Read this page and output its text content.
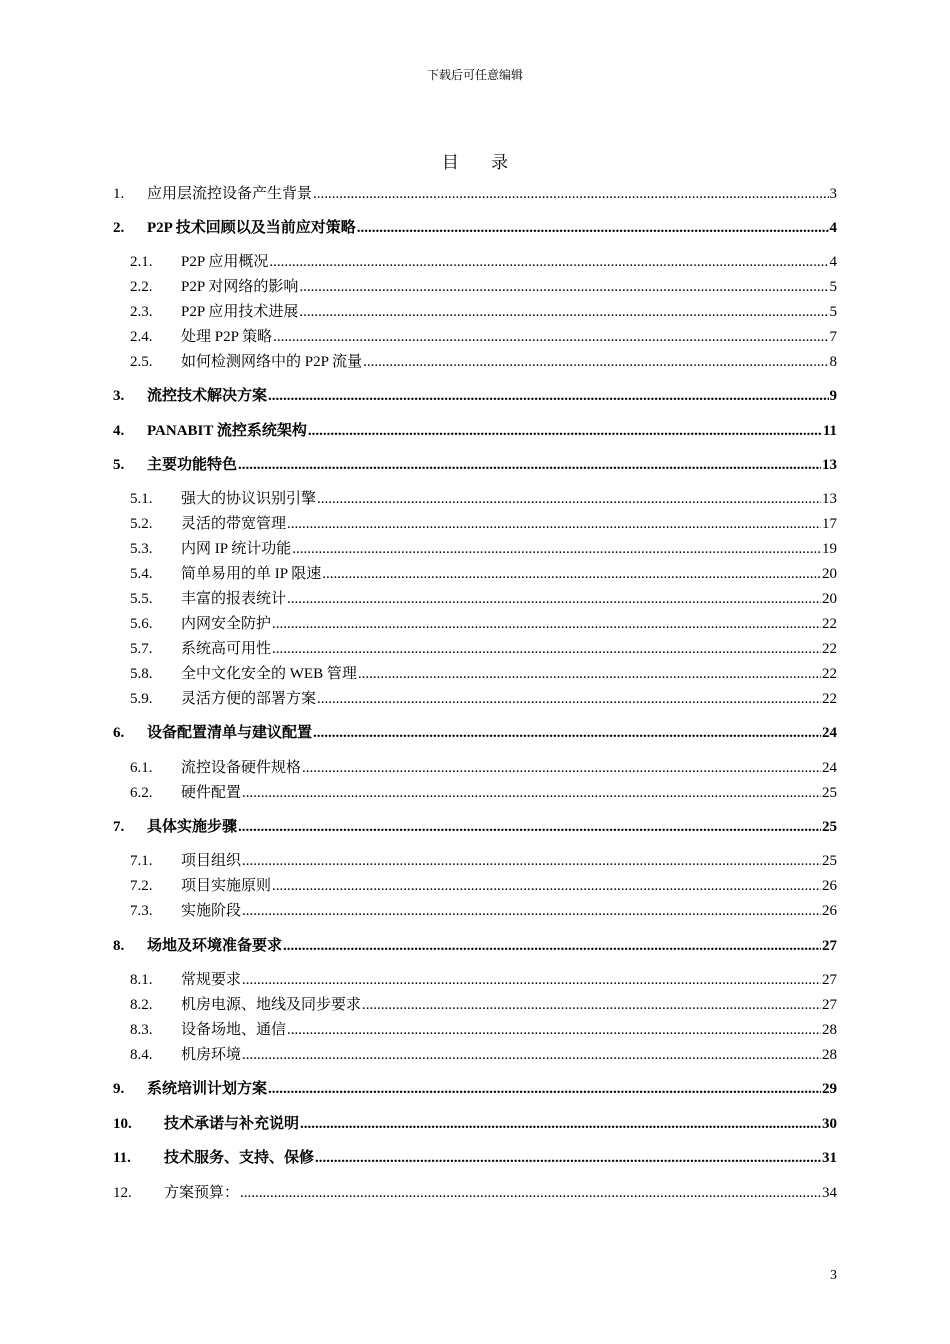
下载后可任意编辑
目 录
1.	应用层流控设备产生背景 .....	3
2.	P2P 技术回顾以及当前应对策略 .....	4
2.1.	P2P 应用概况 .....	4
2.2.	P2P 对网络的影响 .....	5
2.3.	P2P 应用技术进展 .....	5
2.4.	处理 P2P 策略 .....	7
2.5.	如何检测网络中的 P2P 流量 .....	8
3.	流控技术解决方案 .....	9
4.	PANABIT 流控系统架构 .....	11
5.	主要功能特色 .....	13
5.1.	强大的协议识别引擎 .....	13
5.2.	灵活的带宽管理 .....	17
5.3.	内网 IP 统计功能 .....	19
5.4.	简单易用的单 IP 限速 .....	20
5.5.	丰富的报表统计 .....	20
5.6.	内网安全防护 .....	22
5.7.	系统高可用性 .....	22
5.8.	全中文化安全的 WEB 管理 .....	22
5.9.	灵活方便的部署方案 .....	22
6.	设备配置清单与建议配置 .....	24
6.1.	流控设备硬件规格 .....	24
6.2.	硬件配置 .....	25
7.	具体实施步骤 .....	25
7.1.	项目组织 .....	25
7.2.	项目实施原则 .....	26
7.3.	实施阶段 .....	26
8.	场地及环境准备要求 .....	27
8.1.	常规要求 .....	27
8.2.	机房电源、地线及同步要求 .....	27
8.3.	设备场地、通信 .....	28
8.4.	机房环境 .....	28
9.	系统培训计划方案 .....	29
10.	技术承诺与补充说明 .....	30
11.	技术服务、支持、保修 .....	31
12.	方案预算： .....	34
3
